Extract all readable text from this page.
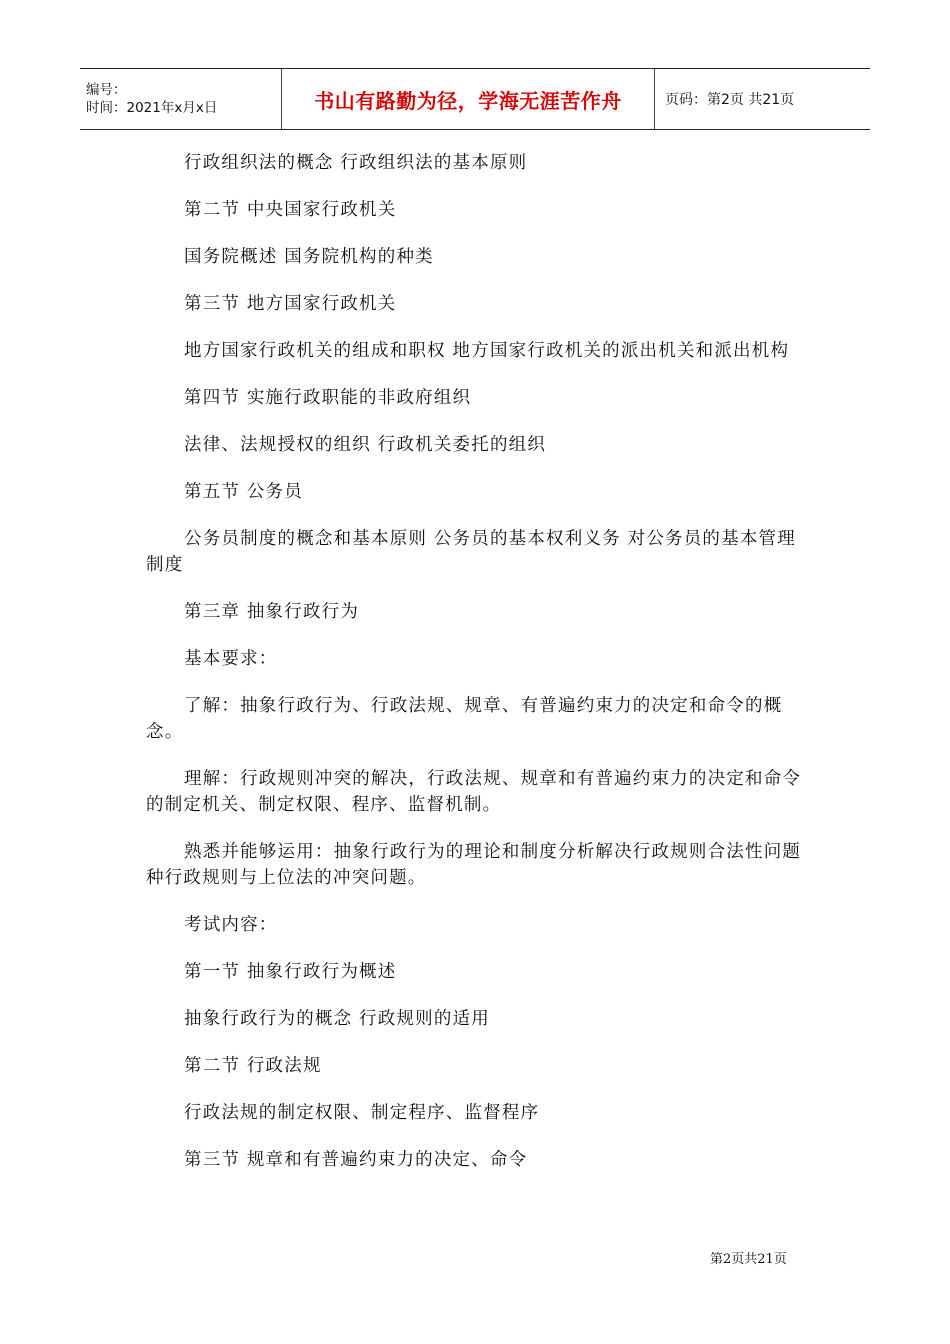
编号：
时间：2021年x月x日	书山有路勤为径，学海无涯苦作舟	页码：第2页 共21页

行政组织法的概念 行政组织法的基本原则

第二节 中央国家行政机关

国务院概述 国务院机构的种类

第三节 地方国家行政机关

地方国家行政机关的组成和职权 地方国家行政机关的派出机关和派出机构

第四节 实施行政职能的非政府组织

法律、法规授权的组织 行政机关委托的组织

第五节 公务员

公务员制度的概念和基本原则 公务员的基本权利义务 对公务员的基本管理制度

第三章 抽象行政行为

基本要求：

了解：抽象行政行为、行政法规、规章、有普遍约束力的决定和命令的概念。

理解：行政规则冲突的解决，行政法规、规章和有普遍约束力的决定和命令的制定机关、制定权限、程序、监督机制。

熟悉并能够运用：抽象行政行为的理论和制度分析解决行政规则合法性问题种行政规则与上位法的冲突问题。

考试内容：

第一节 抽象行政行为概述

抽象行政行为的概念 行政规则的适用

第二节 行政法规

行政法规的制定权限、制定程序、监督程序

第三节 规章和有普遍约束力的决定、命令

第2页共21页
